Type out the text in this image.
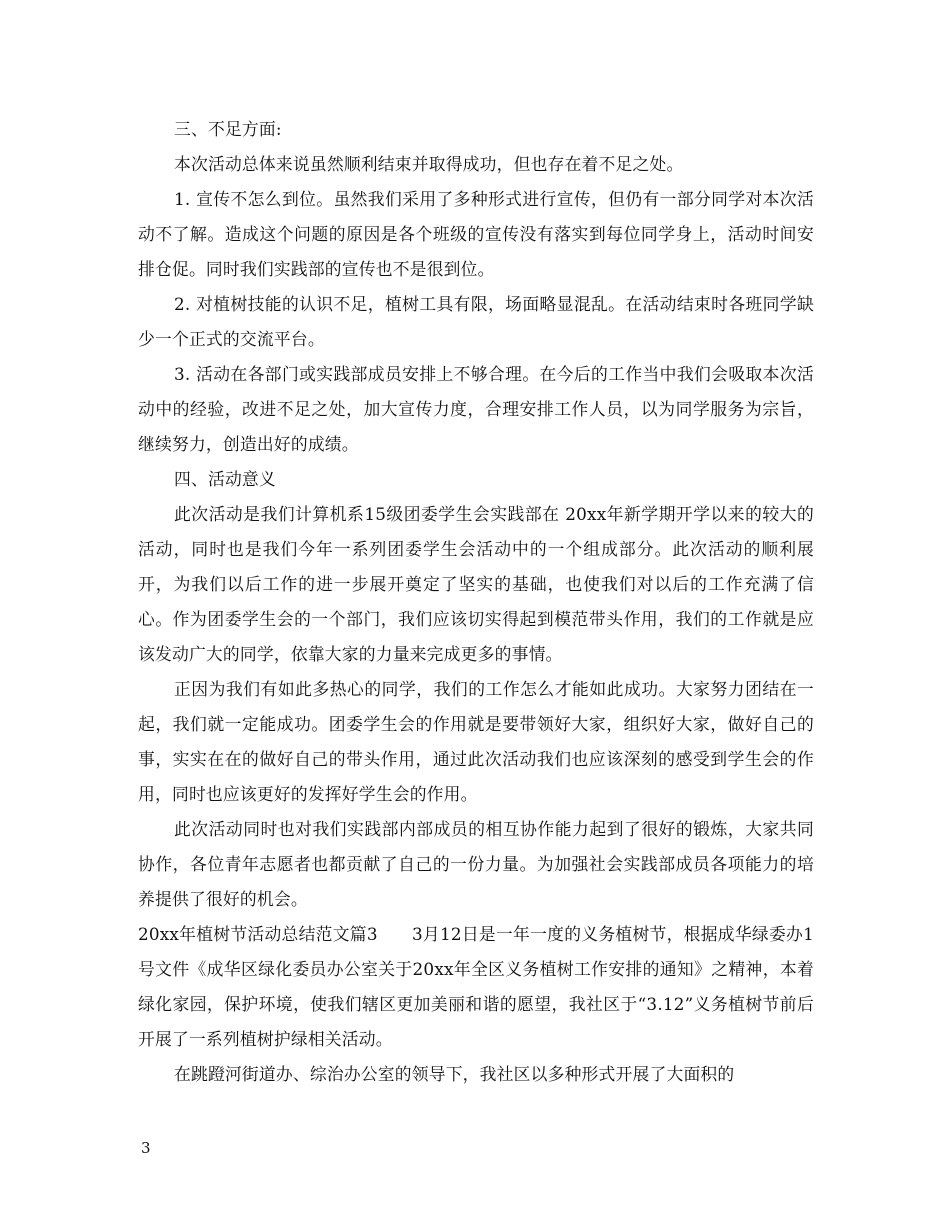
三、不足方面:

本次活动总体来说虽然顺利结束并取得成功，但也存在着不足之处。

1. 宣传不怎么到位。虽然我们采用了多种形式进行宣传，但仍有一部分同学对本次活动不了解。造成这个问题的原因是各个班级的宣传没有落实到每位同学身上，活动时间安排仓促。同时我们实践部的宣传也不是很到位。

2. 对植树技能的认识不足，植树工具有限，场面略显混乱。在活动结束时各班同学缺少一个正式的交流平台。

3. 活动在各部门或实践部成员安排上不够合理。在今后的工作当中我们会吸取本次活动中的经验，改进不足之处，加大宣传力度，合理安排工作人员，以为同学服务为宗旨，继续努力，创造出好的成绩。

四、活动意义

此次活动是我们计算机系15级团委学生会实践部在 20xx年新学期开学以来的较大的活动，同时也是我们今年一系列团委学生会活动中的一个组成部分。此次活动的顺利展开，为我们以后工作的进一步展开奠定了坚实的基础，也使我们对以后的工作充满了信心。作为团委学生会的一个部门，我们应该切实得起到模范带头作用，我们的工作就是应该发动广大的同学，依靠大家的力量来完成更多的事情。

正因为我们有如此多热心的同学，我们的工作怎么才能如此成功。大家努力团结在一起，我们就一定能成功。团委学生会的作用就是要带领好大家，组织好大家，做好自己的事，实实在在的做好自己的带头作用，通过此次活动我们也应该深刻的感受到学生会的作用，同时也应该更好的发挥好学生会的作用。

此次活动同时也对我们实践部内部成员的相互协作能力起到了很好的锻炼，大家共同协作，各位青年志愿者也都贡献了自己的一份力量。为加强社会实践部成员各项能力的培养提供了很好的机会。

20xx年植树节活动总结范文篇3　　3月12日是一年一度的义务植树节，根据成华绿委办1号文件《成华区绿化委员办公室关于20xx年全区义务植树工作安排的通知》之精神，本着绿化家园，保护环境，使我们辖区更加美丽和谐的愿望，我社区于“3.12”义务植树节前后开展了一系列植树护绿相关活动。

在跳蹬河街道办、综治办公室的领导下，我社区以多种形式开展了大面积的

3
